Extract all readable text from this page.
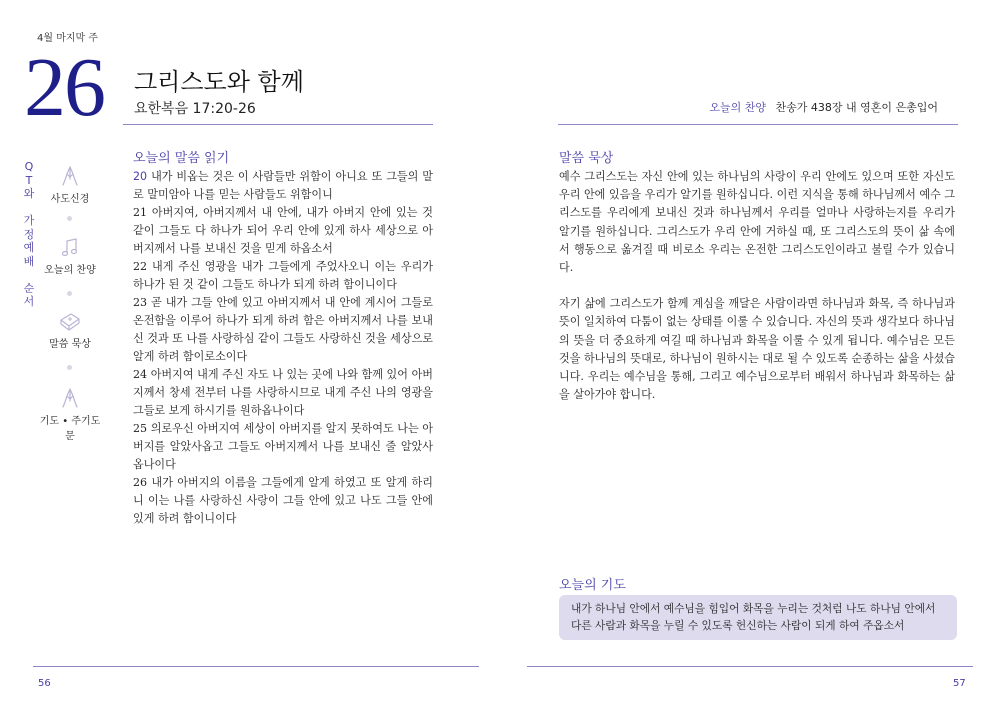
4월 마지막 주
26 그리스도와 함께
요한복음 17:20-26	오늘의 찬양 찬송가 438장 내 영혼이 은총입어
Q
T
와

가
정
예
배

순
서
사도신경
오늘의 찬양
말씀 묵상
기도 • 주기도문
오늘의 말씀 읽기

20 내가 비옵는 것은 이 사람들만 위함이 아니요 또 그들의 말로 말미암아 나를 믿는 사람들도 위함이니

21 아버지여, 아버지께서 내 안에, 내가 아버지 안에 있는 것 같이 그들도 다 하나가 되어 우리 안에 있게 하사 세상으로 아버지께서 나를 보내신 것을 믿게 하옵소서

22 내게 주신 영광을 내가 그들에게 주었사오니 이는 우리가 하나가 된 것 같이 그들도 하나가 되게 하려 함이니이다

23 곧 내가 그들 안에 있고 아버지께서 내 안에 계시어 그들로 온전함을 이루어 하나가 되게 하려 함은 아버지께서 나를 보내신 것과 또 나를 사랑하심 같이 그들도 사랑하신 것을 세상으로 알게 하려 함이로소이다

24 아버지여 내게 주신 자도 나 있는 곳에 나와 함께 있어 아버지께서 창세 전부터 나를 사랑하시므로 내게 주신 나의 영광을 그들로 보게 하시기를 원하옵나이다

25 의로우신 아버지여 세상이 아버지를 알지 못하여도 나는 아버지를 알았사옵고 그들도 아버지께서 나를 보내신 줄 알았사옵나이다

26 내가 아버지의 이름을 그들에게 알게 하였고 또 알게 하리니 이는 나를 사랑하신 사랑이 그들 안에 있고 나도 그들 안에 있게 하려 함이니이다

말씀 묵상

예수 그리스도는 자신 안에 있는 하나님의 사랑이 우리 안에도 있으며 또한 자신도 우리 안에 있음을 우리가 알기를 원하십니다. 이런 지식을 통해 하나님께서 예수 그리스도를 우리에게 보내신 것과 하나님께서 우리를 얼마나 사랑하는지를 우리가 알기를 원하십니다. 그리스도가 우리 안에 거하실 때, 또 그리스도의 뜻이 삶 속에서 행동으로 옮겨질 때 비로소 우리는 온전한 그리스도인이라고 불릴 수가 있습니다.

자기 삶에 그리스도가 함께 계심을 깨달은 사람이라면 하나님과 화목, 즉 하나님과 뜻이 일치하여 다툼이 없는 상태를 이룰 수 있습니다. 자신의 뜻과 생각보다 하나님의 뜻을 더 중요하게 여길 때 하나님과 화목을 이룰 수 있게 됩니다. 예수님은 모든 것을 하나님의 뜻대로, 하나님이 원하시는 대로 될 수 있도록 순종하는 삶을 사셨습니다. 우리는 예수님을 통해, 그리고 예수님으로부터 배워서 하나님과 화목하는 삶을 살아가야 합니다.

오늘의 기도
내가 하나님 안에서 예수님을 힘입어 화목을 누리는 것처럼 나도 하나님 안에서 다른 사람과 화목을 누릴 수 있도록 헌신하는 사람이 되게 하여 주옵소서
56	57
